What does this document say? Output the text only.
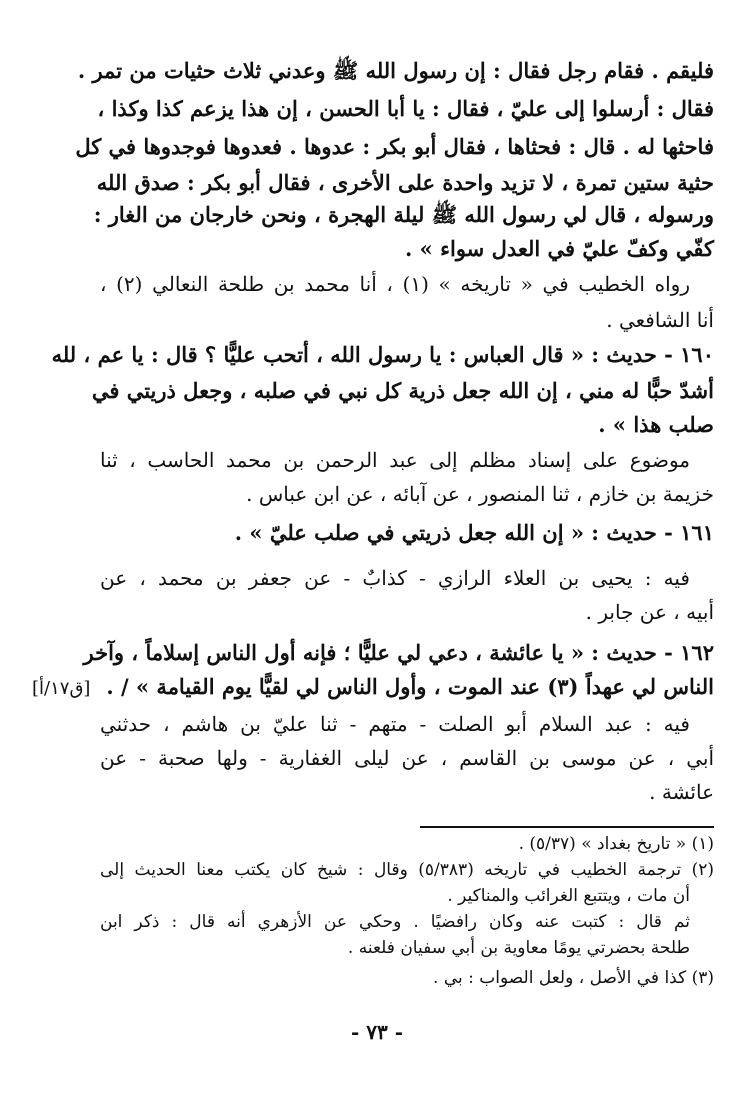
فليقم . فقام رجل فقال : إن رسول الله ﷺ وعدني ثلاث حثيات من تمر .
فقال : أرسلوا إلى عليّ ، فقال : يا أبا الحسن ، إن هذا يزعم كذا وكذا ،
فاحثها له . قال : فحثاها ، فقال أبو بكر : عدوها . فعدوها فوجدوها في كل
حثية ستين تمرة ، لا تزيد واحدة على الأخرى ، فقال أبو بكر : صدق الله
ورسوله ، قال لي رسول الله ﷺ ليلة الهجرة ، ونحن خارجان من الغار :
كفّي وكفّ عليّ في العدل سواء » .
رواه الخطيب في « تاريخه » (١) ، أنا محمد بن طلحة النعالي (٢) ،
أنا الشافعي .
١٦٠ - حديث : « قال العباس : يا رسول الله ، أتحب عليًّا ؟ قال : يا عم ، لله
أشدّ حبًّا له مني ، إن الله جعل ذرية كل نبي في صلبه ، وجعل ذريتي في
صلب هذا » .
موضوع على إسناد مظلم إلى عبد الرحمن بن محمد الحاسب ، ثنا
خزيمة بن خازم ، ثنا المنصور ، عن آبائه ، عن ابن عباس .
١٦١ - حديث : « إن الله جعل ذريتي في صلب عليّ » .
فيه : يحيى بن العلاء الرازي - كذابٌ - عن جعفر بن محمد ، عن
أبيه ، عن جابر .
١٦٢ - حديث : « يا عائشة ، دعي لي عليًّا ؛ فإنه أول الناس إسلاماً ، وآخر
الناس لي عهداً (٣) عند الموت ، وأول الناس لي لقيًّا يوم القيامة » / .
فيه : عبد السلام أبو الصلت - متهم - ثنا عليّ بن هاشم ، حدثني
أبي ، عن موسى بن القاسم ، عن ليلى الغفارية - ولها صحبة - عن
عائشة .
[ق١٧/أ]
(١) « تاريخ بغداد » (٥/٣٧) .
(٢) ترجمة الخطيب في تاريخه (٥/٣٨٣) وقال : شيخ كان يكتب معنا الحديث إلى
أن مات ، ويتتبع الغرائب والمناكير .
ثم قال : كتبت عنه وكان رافضيًا . وحكي عن الأزهري أنه قال : ذكر ابن
طلحة بحضرتي يومًا معاوية بن أبي سفيان فلعنه .
(٣) كذا في الأصل ، ولعل الصواب : بي .
- ٧٣ -
